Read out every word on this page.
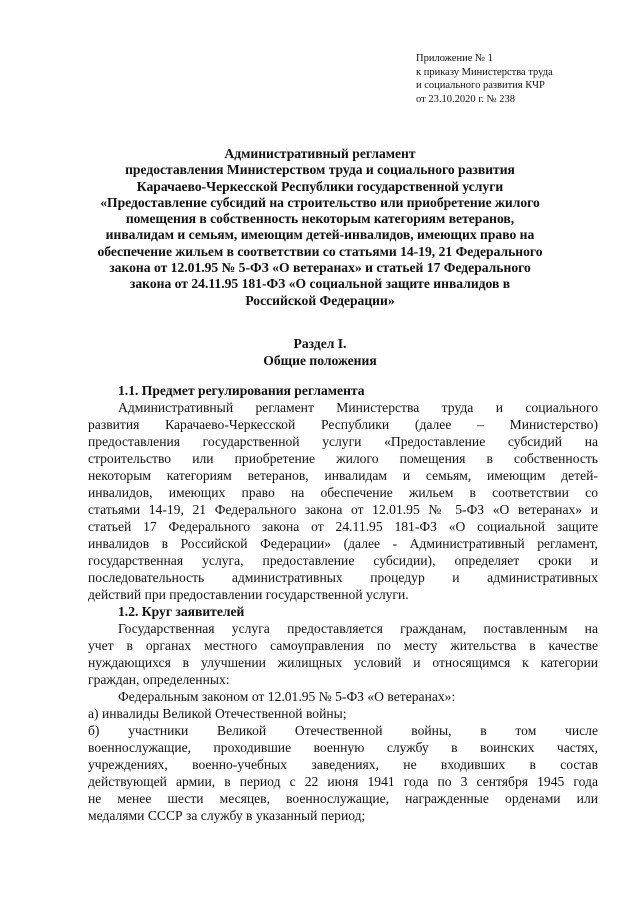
Приложение № 1
к приказу Министерства труда
и социального развития КЧР
от 23.10.2020 г. № 238
Административный регламент
предоставления Министерством труда и социального развития
Карачаево-Черкесской Республики государственной услуги
«Предоставление субсидий на строительство или приобретение жилого
помещения в собственность некоторым категориям ветеранов,
инвалидам и семьям, имеющим детей-инвалидов, имеющих право на
обеспечение жильем в соответствии со статьями 14-19, 21 Федерального
закона от 12.01.95 № 5-ФЗ «О ветеранах» и статьей 17 Федерального
закона от 24.11.95 181-ФЗ «О социальной защите инвалидов в
Российской Федерации»
Раздел I.
Общие положения

1.1. Предмет регулирования регламента

Административный регламент Министерства труда и социального

развития Карачаево-Черкесской Республики (далее – Министерство)

предоставления государственной услуги «Предоставление субсидий на

строительство или приобретение жилого помещения в собственность

некоторым категориям ветеранов, инвалидам и семьям, имеющим детей-

инвалидов, имеющих право на обеспечение жильем в соответствии со

статьями 14-19, 21 Федерального закона от 12.01.95 № 5-ФЗ «О ветеранах» и

статьей 17 Федерального закона от 24.11.95 181-ФЗ «О социальной защите

инвалидов в Российской Федерации» (далее - Административный регламент,

государственная услуга, предоставление субсидии), определяет сроки и

последовательность административных процедур и административных

действий при предоставлении государственной услуги.

1.2. Круг заявителей

Государственная услуга предоставляется гражданам, поставленным на

учет в органах местного самоуправления по месту жительства в качестве

нуждающихся в улучшении жилищных условий и относящимся к категории

граждан, определенных:

Федеральным законом от 12.01.95 № 5-ФЗ «О ветеранах»:

а) инвалиды Великой Отечественной войны;

б) участники Великой Отечественной войны, в том числе

военнослужащие, проходившие военную службу в воинских частях,

учреждениях, военно-учебных заведениях, не входивших в состав

действующей армии, в период с 22 июня 1941 года по 3 сентября 1945 года

не менее шести месяцев, военнослужащие, награжденные орденами или

медалями СССР за службу в указанный период;
